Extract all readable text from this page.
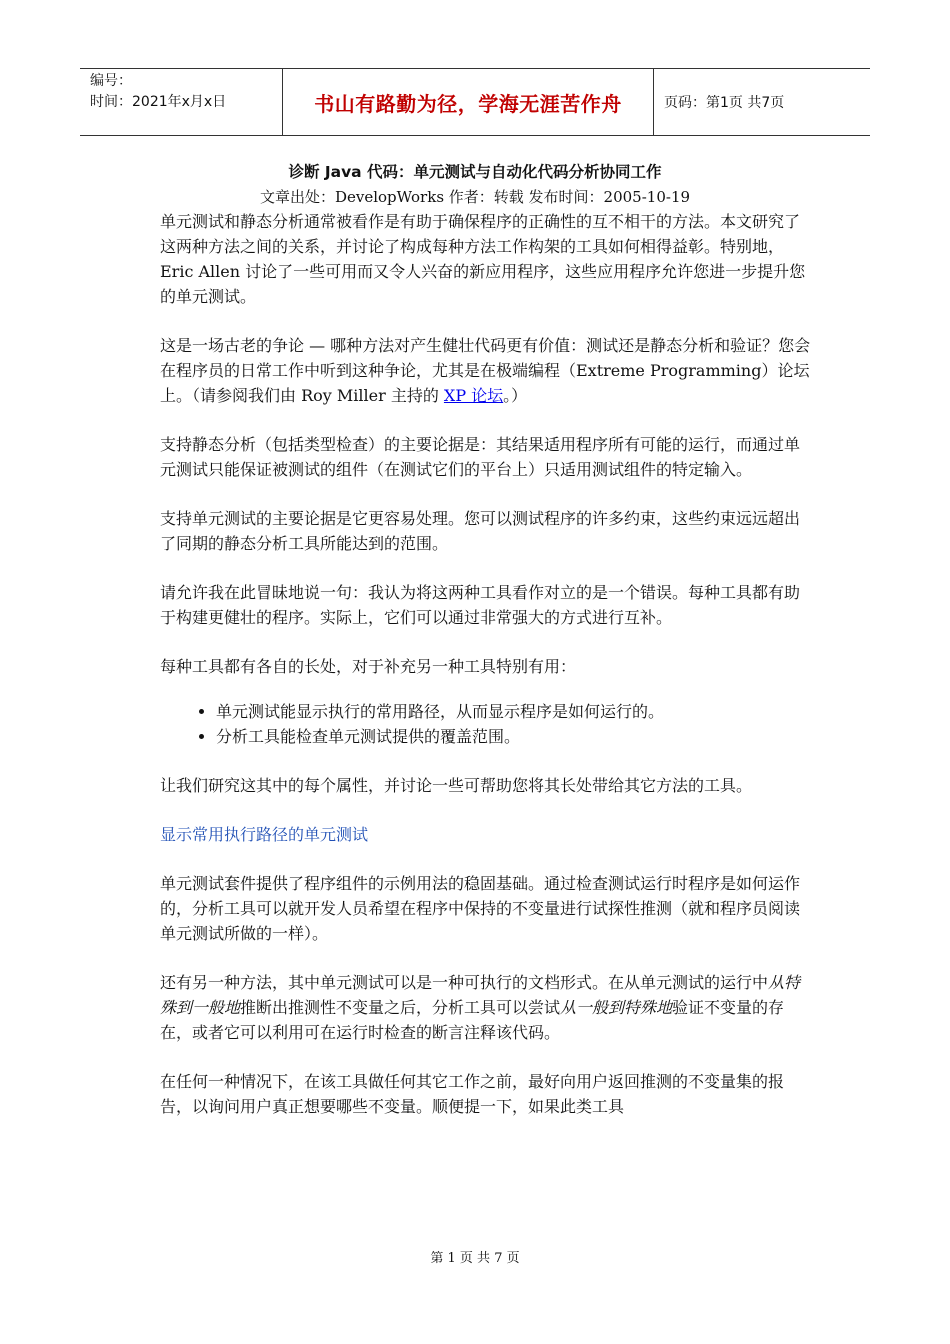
编号：
时间：2021年x月x日	书山有路勤为径，学海无涯苦作舟	页码：第1页 共7页
诊断 Java 代码：单元测试与自动化代码分析协同工作
文章出处：DevelopWorks 作者：转载 发布时间：2005-10-19

单元测试和静态分析通常被看作是有助于确保程序的正确性的互不相干的方法。本文研究了这两种方法之间的关系，并讨论了构成每种方法工作构架的工具如何相得益彰。特别地，Eric Allen 讨论了一些可用而又令人兴奋的新应用程序，这些应用程序允许您进一步提升您的单元测试。

这是一场古老的争论 — 哪种方法对产生健壮代码更有价值：测试还是静态分析和验证？您会在程序员的日常工作中听到这种争论，尤其是在极端编程（Extreme Programming）论坛上。（请参阅我们由 Roy Miller 主持的 XP 论坛。）

支持静态分析（包括类型检查）的主要论据是：其结果适用程序所有可能的运行，而通过单元测试只能保证被测试的组件（在测试它们的平台上）只适用测试组件的特定输入。

支持单元测试的主要论据是它更容易处理。您可以测试程序的许多约束，这些约束远远超出了同期的静态分析工具所能达到的范围。

请允许我在此冒昧地说一句：我认为将这两种工具看作对立的是一个错误。每种工具都有助于构建更健壮的程序。实际上，它们可以通过非常强大的方式进行互补。

每种工具都有各自的长处，对于补充另一种工具特别有用：

• 单元测试能显示执行的常用路径，从而显示程序是如何运行的。
• 分析工具能检查单元测试提供的覆盖范围。

让我们研究这其中的每个属性，并讨论一些可帮助您将其长处带给其它方法的工具。

显示常用执行路径的单元测试

单元测试套件提供了程序组件的示例用法的稳固基础。通过检查测试运行时程序是如何运作的，分析工具可以就开发人员希望在程序中保持的不变量进行试探性推测（就和程序员阅读单元测试所做的一样）。

还有另一种方法，其中单元测试可以是一种可执行的文档形式。在从单元测试的运行中从特殊到一般地推断出推测性不变量之后，分析工具可以尝试从一般到特殊地验证不变量的存在，或者它可以利用可在运行时检查的断言注释该代码。

在任何一种情况下，在该工具做任何其它工作之前，最好向用户返回推测的不变量集的报告，以询问用户真正想要哪些不变量。顺便提一下，如果此类工具

第 1 页 共 7 页
